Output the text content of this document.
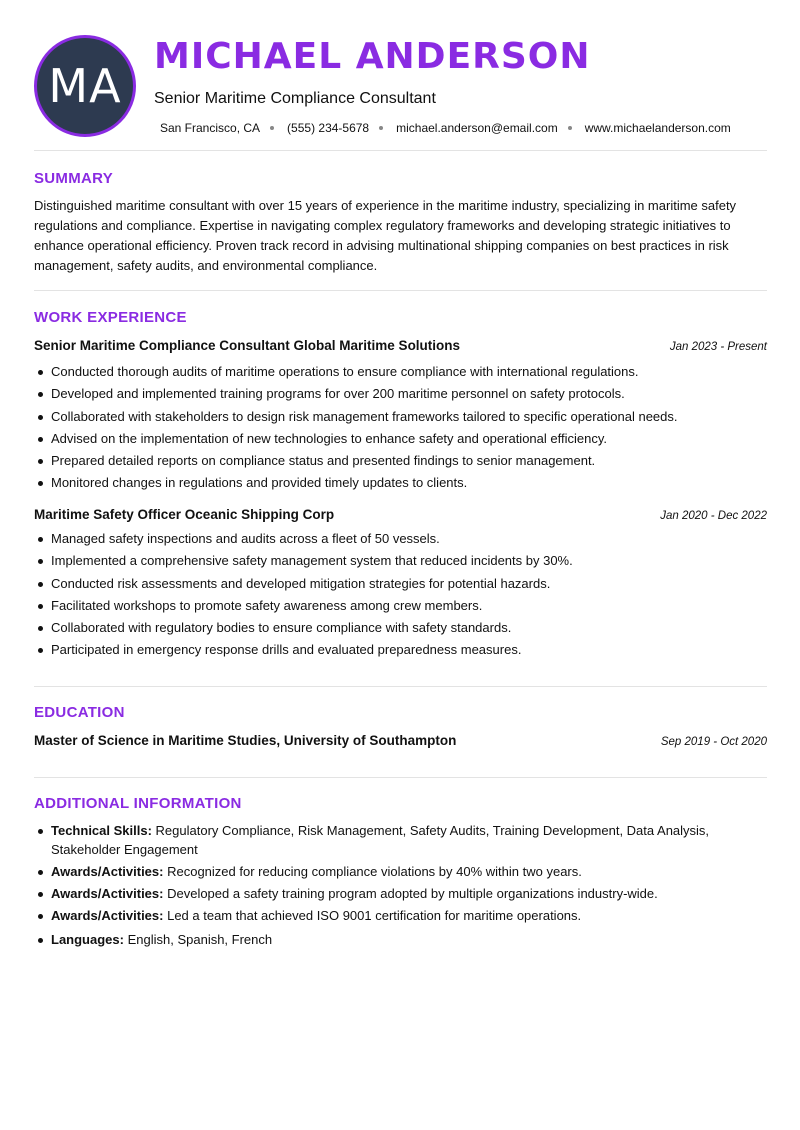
MA
MICHAEL ANDERSON
Senior Maritime Compliance Consultant
San Francisco, CA (555) 234-5678 michael.anderson@email.com www.michaelanderson.com
SUMMARY

Distinguished maritime consultant with over 15 years of experience in the maritime industry, specializing in maritime safety regulations and compliance. Expertise in navigating complex regulatory frameworks and developing strategic initiatives to enhance operational efficiency. Proven track record in advising multinational shipping companies on best practices in risk management, safety audits, and environmental compliance.

WORK EXPERIENCE
Senior Maritime Compliance Consultant Global Maritime Solutions	Jan 2023 - Present
Conducted thorough audits of maritime operations to ensure compliance with international regulations.
Developed and implemented training programs for over 200 maritime personnel on safety protocols.
Collaborated with stakeholders to design risk management frameworks tailored to specific operational needs.
Advised on the implementation of new technologies to enhance safety and operational efficiency.
Prepared detailed reports on compliance status and presented findings to senior management.
Monitored changes in regulations and provided timely updates to clients.
Maritime Safety Officer Oceanic Shipping Corp	Jan 2020 - Dec 2022
Managed safety inspections and audits across a fleet of 50 vessels.
Implemented a comprehensive safety management system that reduced incidents by 30%.
Conducted risk assessments and developed mitigation strategies for potential hazards.
Facilitated workshops to promote safety awareness among crew members.
Collaborated with regulatory bodies to ensure compliance with safety standards.
Participated in emergency response drills and evaluated preparedness measures.
EDUCATION
Master of Science in Maritime Studies, University of Southampton	Sep 2019 - Oct 2020
ADDITIONAL INFORMATION
Technical Skills: Regulatory Compliance, Risk Management, Safety Audits, Training Development, Data Analysis, Stakeholder Engagement
Awards/Activities: Recognized for reducing compliance violations by 40% within two years.
Awards/Activities: Developed a safety training program adopted by multiple organizations industry-wide.
Awards/Activities: Led a team that achieved ISO 9001 certification for maritime operations.
Languages: English, Spanish, French
